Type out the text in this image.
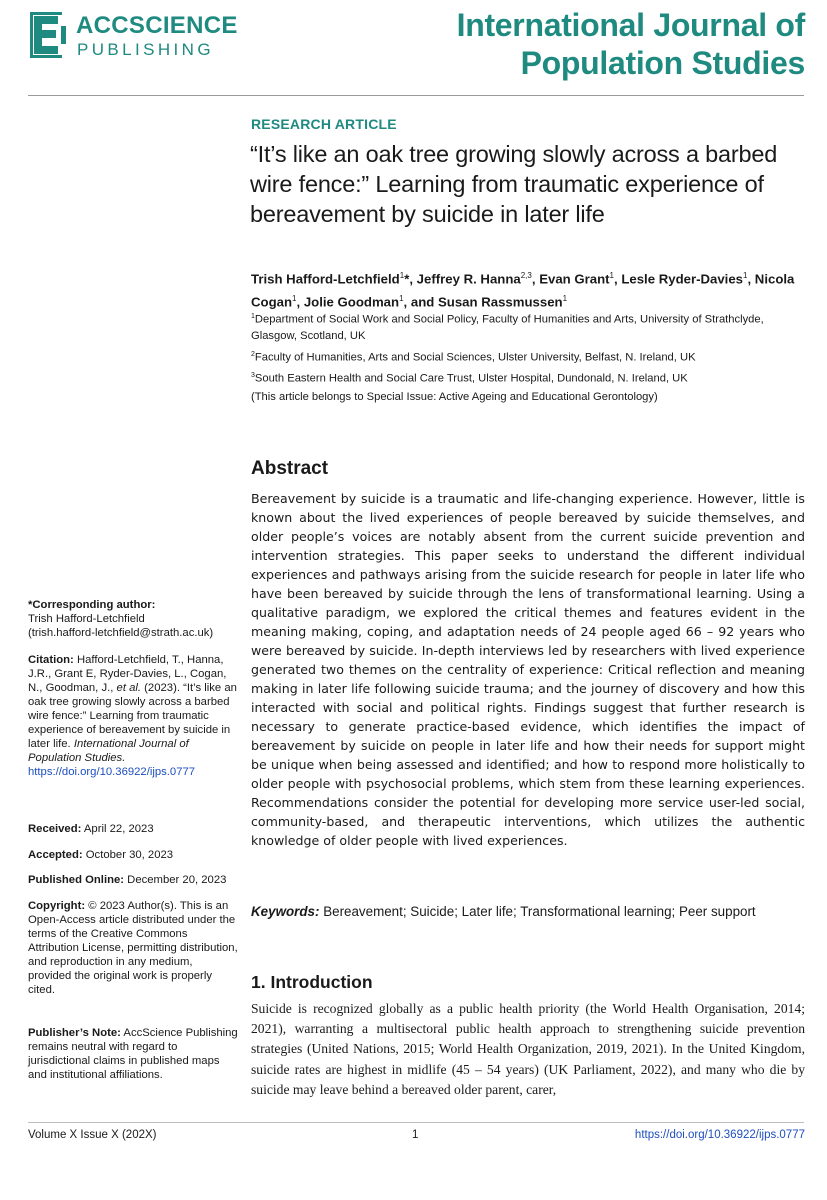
ACCSCIENCE
PUBLISHING
International Journal of
Population Studies
RESEARCH ARTICLE
“It’s like an oak tree growing slowly across a barbed wire fence:” Learning from traumatic experience of bereavement by suicide in later life
Trish Hafford-Letchfield$^1$*, Jeffrey R. Hanna$^{2,3}$, Evan Grant$^1$, Lesle Ryder-Davies$^1$, Nicola Cogan$^1$, Jolie Goodman$^1$, and Susan Rassmussen$^1$
$^1$Department of Social Work and Social Policy, Faculty of Humanities and Arts, University of Strathclyde, Glasgow, Scotland, UK
$^2$Faculty of Humanities, Arts and Social Sciences, Ulster University, Belfast, N. Ireland, UK
$^3$South Eastern Health and Social Care Trust, Ulster Hospital, Dundonald, N. Ireland, UK
(This article belongs to Special Issue: Active Ageing and Educational Gerontology)
Abstract
Bereavement by suicide is a traumatic and life-changing experience. However, little is known about the lived experiences of people bereaved by suicide themselves, and older people’s voices are notably absent from the current suicide prevention and intervention strategies. This paper seeks to understand the different individual experiences and pathways arising from the suicide research for people in later life who have been bereaved by suicide through the lens of transformational learning. Using a qualitative paradigm, we explored the critical themes and features evident in the meaning making, coping, and adaptation needs of 24 people aged 66 – 92 years who were bereaved by suicide. In-depth interviews led by researchers with lived experience generated two themes on the centrality of experience: Critical reflection and meaning making in later life following suicide trauma; and the journey of discovery and how this interacted with social and political rights. Findings suggest that further research is necessary to generate practice-based evidence, which identifies the impact of bereavement by suicide on people in later life and how their needs for support might be unique when being assessed and identified; and how to respond more holistically to older people with psychosocial problems, which stem from these learning experiences. Recommendations consider the potential for developing more service user-led social, community-based, and therapeutic interventions, which utilizes the authentic knowledge of older people with lived experiences.
Keywords: Bereavement; Suicide; Later life; Transformational learning; Peer support
1. Introduction
Suicide is recognized globally as a public health priority (the World Health Organisation, 2014; 2021), warranting a multisectoral public health approach to strengthening suicide prevention strategies (United Nations, 2015; World Health Organization, 2019, 2021). In the United Kingdom, suicide rates are highest in midlife (45 – 54 years) (UK Parliament, 2022), and many who die by suicide may leave behind a bereaved older parent, carer,

*Corresponding author:

Trish Hafford-Letchfield

(trish.hafford-letchfield@strath.ac.uk)

Citation: Hafford-Letchfield, T., Hanna, J.R., Grant E, Ryder-Davies, L., Cogan, N., Goodman, J., et al. (2023). “It’s like an oak tree growing slowly across a barbed wire fence:” Learning from traumatic experience of bereavement by suicide in later life. International Journal of Population Studies. https://doi.org/10.36922/ijps.0777

Received: April 22, 2023
Accepted: October 30, 2023
Published Online: December 20, 2023
Copyright: © 2023 Author(s). This is an Open-Access article distributed under the terms of the Creative Commons Attribution License, permitting distribution, and reproduction in any medium, provided the original work is properly cited.
Publisher’s Note: AccScience Publishing remains neutral with regard to jurisdictional claims in published maps and institutional affiliations.
Volume X Issue X (202X)	1	https://doi.org/10.36922/ijps.0777
